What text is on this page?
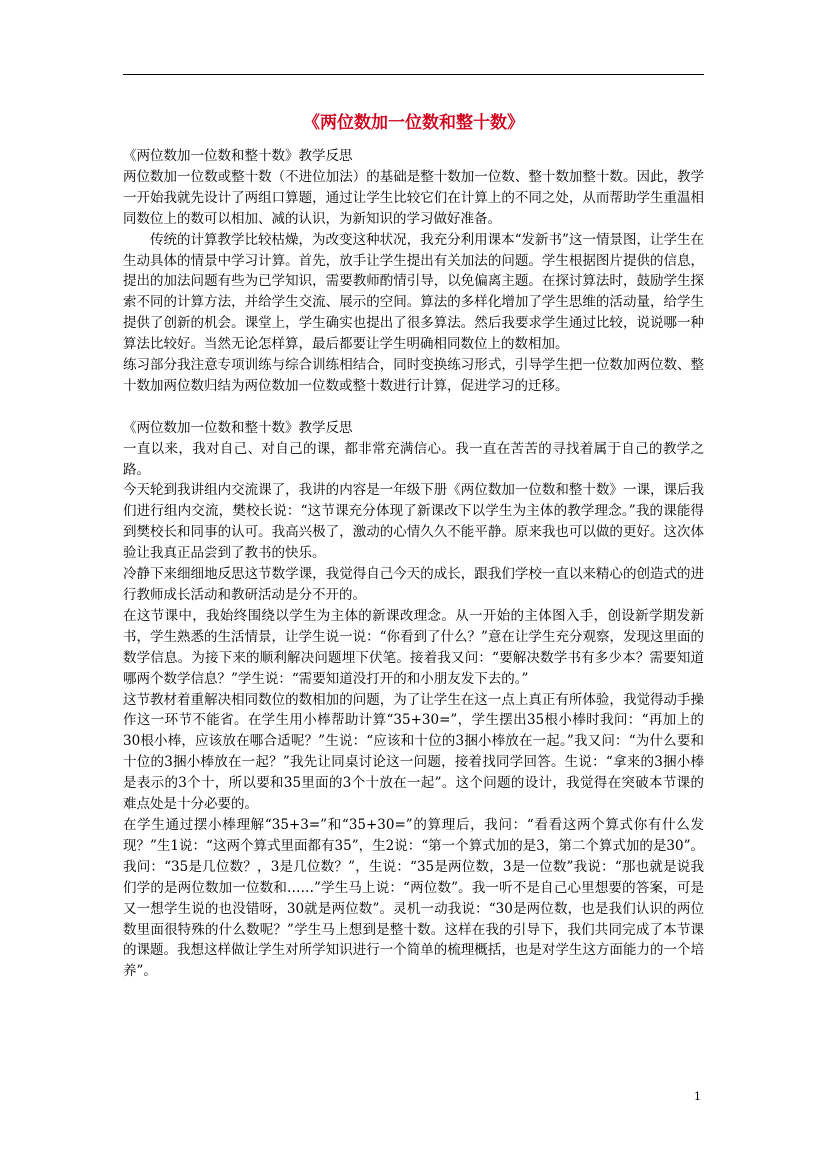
《两位数加一位数和整十数》

《两位数加一位数和整十数》教学反思

两位数加一位数或整十数（不进位加法）的基础是整十数加一位数、整十数加整十数。因此，教学一开始我就先设计了两组口算题，通过让学生比较它们在计算上的不同之处，从而帮助学生重温相同数位上的数可以相加、减的认识，为新知识的学习做好准备。

传统的计算教学比较枯燥，为改变这种状况，我充分利用课本“发新书”这一情景图，让学生在生动具体的情景中学习计算。首先，放手让学生提出有关加法的问题。学生根据图片提供的信息，提出的加法问题有些为已学知识，需要教师酌情引导，以免偏离主题。在探讨算法时，鼓励学生探索不同的计算方法，并给学生交流、展示的空间。算法的多样化增加了学生思维的活动量，给学生提供了创新的机会。课堂上，学生确实也提出了很多算法。然后我要求学生通过比较，说说哪一种算法比较好。当然无论怎样算，最后都要让学生明确相同数位上的数相加。

练习部分我注意专项训练与综合训练相结合，同时变换练习形式，引导学生把一位数加两位数、整十数加两位数归结为两位数加一位数或整十数进行计算，促进学习的迁移。

《两位数加一位数和整十数》教学反思

一直以来，我对自己、对自己的课，都非常充满信心。我一直在苦苦的寻找着属于自己的教学之路。

今天轮到我讲组内交流课了，我讲的内容是一年级下册《两位数加一位数和整十数》一课，课后我们进行组内交流，樊校长说：“这节课充分体现了新课改下以学生为主体的教学理念。”我的课能得到樊校长和同事的认可。我高兴极了，激动的心情久久不能平静。原来我也可以做的更好。这次体验让我真正品尝到了教书的快乐。

冷静下来细细地反思这节数学课，我觉得自己今天的成长，跟我们学校一直以来精心的创造式的进行教师成长活动和教研活动是分不开的。

在这节课中，我始终围绕以学生为主体的新课改理念。从一开始的主体图入手，创设新学期发新书，学生熟悉的生活情景，让学生说一说：“你看到了什么？”意在让学生充分观察，发现这里面的数学信息。为接下来的顺利解决问题埋下伏笔。接着我又问：“要解决数学书有多少本？需要知道哪两个数学信息？”学生说：“需要知道没打开的和小朋友发下去的。”

这节教材着重解决相同数位的数相加的问题，为了让学生在这一点上真正有所体验，我觉得动手操作这一环节不能省。在学生用小棒帮助计算“35+30=”，学生摆出35根小棒时我问：“再加上的30根小棒，应该放在哪合适呢？”生说：“应该和十位的3捆小棒放在一起。”我又问：“为什么要和十位的3捆小棒放在一起？”我先让同桌讨论这一问题，接着找同学回答。生说：“拿来的3捆小棒是表示的3个十，所以要和35里面的3个十放在一起”。这个问题的设计，我觉得在突破本节课的难点处是十分必要的。

在学生通过摆小棒理解“35+3=”和“35+30=”的算理后，我问：“看看这两个算式你有什么发现？”生1说：“这两个算式里面都有35”，生2说：“第一个算式加的是3，第二个算式加的是30”。我问：“35是几位数？，3是几位数？”，生说：“35是两位数，3是一位数”我说：“那也就是说我们学的是两位数加一位数和……”学生马上说：“两位数”。我一听不是自己心里想要的答案，可是又一想学生说的也没错呀，30就是两位数”。灵机一动我说：“30是两位数，也是我们认识的两位数里面很特殊的什么数呢？”学生马上想到是整十数。这样在我的引导下，我们共同完成了本节课的课题。我想这样做让学生对所学知识进行一个简单的梳理概括，也是对学生这方面能力的一个培养”。

1
